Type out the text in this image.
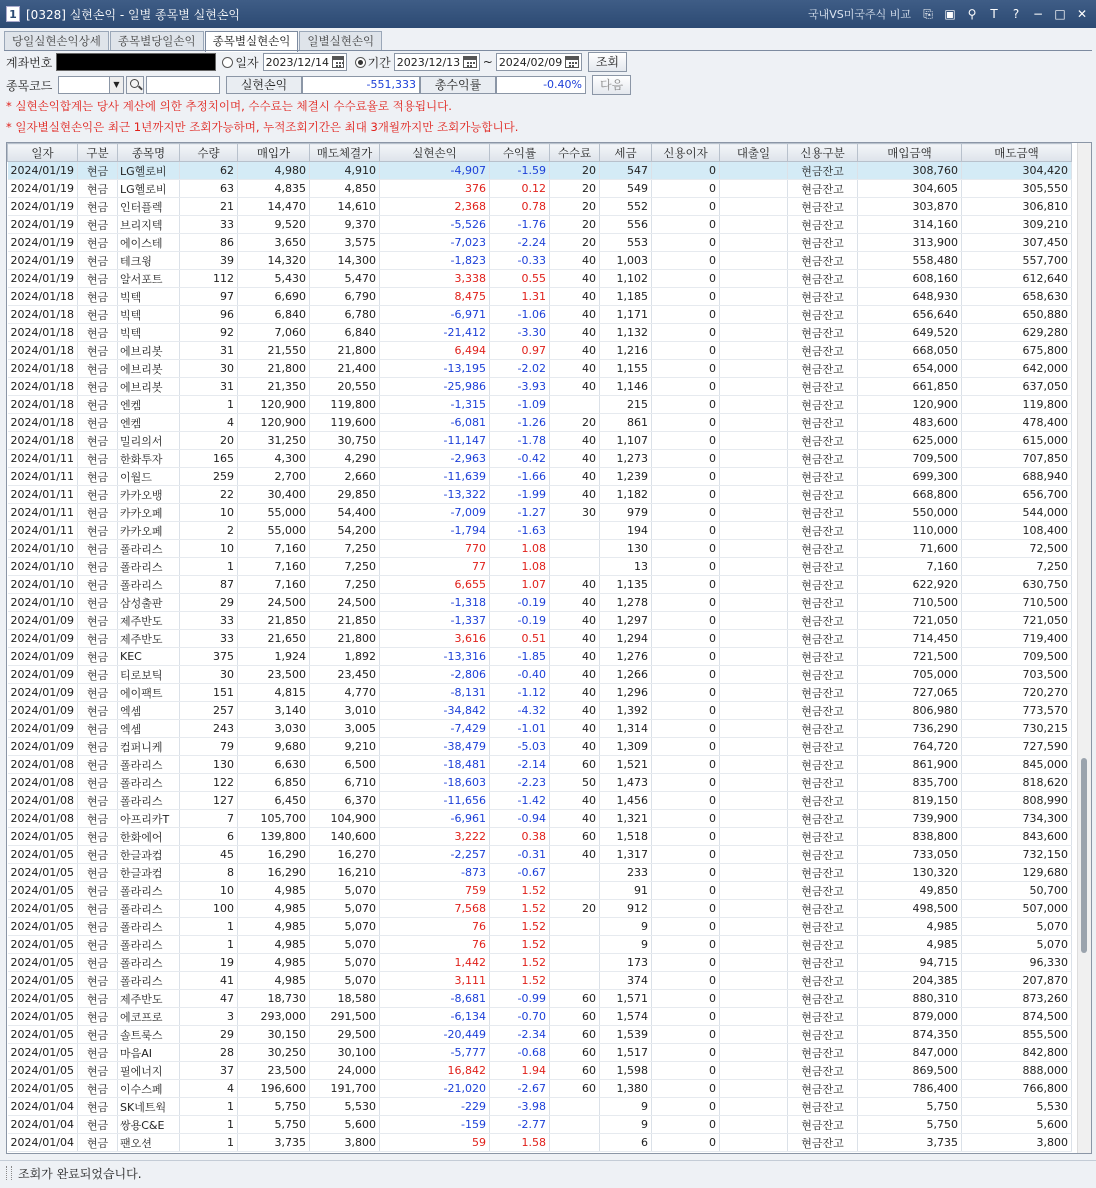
1 [0328] 실현손익 - 일별 종목별 실현손익	국내VS미국주식 비교 ⎘ ▣ ⚲	T	?	− □ ✕
당일실현손익상세	종목별당일손익	종목별실현손익	일별실현손익
계좌번호	일자 2023/12/14	기간 2023/12/13 ~ 2024/02/09	조회
종목코드	▼	실현손익	-551,333	총수익률	-0.40%	다음
* 실현손익합계는 당사 계산에 의한 추정치이며, 수수료는 체결시 수수료율로 적용됩니다.
* 일자별실현손익은 최근 1년까지만 조회가능하며, 누적조회기간은 최대 3개월까지만 조회가능합니다.
일자	구분	종목명	수량	매입가	매도체결가	실현손익	수익률	수수료	세금	신용이자	대출일	신용구분	매입금액	매도금액
2024/01/19	현금	LG헬로비	62	4,980	4,910	-4,907	-1.59	20	547	0		현금잔고	308,760	304,420
2024/01/19	현금	LG헬로비	63	4,835	4,850	376	0.12	20	549	0		현금잔고	304,605	305,550
2024/01/19	현금	인터플렉	21	14,470	14,610	2,368	0.78	20	552	0		현금잔고	303,870	306,810
2024/01/19	현금	브리지텍	33	9,520	9,370	-5,526	-1.76	20	556	0		현금잔고	314,160	309,210
2024/01/19	현금	에이스테	86	3,650	3,575	-7,023	-2.24	20	553	0		현금잔고	313,900	307,450
2024/01/19	현금	테크윙	39	14,320	14,300	-1,823	-0.33	40	1,003	0		현금잔고	558,480	557,700
2024/01/19	현금	알서포트	112	5,430	5,470	3,338	0.55	40	1,102	0		현금잔고	608,160	612,640
2024/01/18	현금	빅텍	97	6,690	6,790	8,475	1.31	40	1,185	0		현금잔고	648,930	658,630
2024/01/18	현금	빅텍	96	6,840	6,780	-6,971	-1.06	40	1,171	0		현금잔고	656,640	650,880
2024/01/18	현금	빅텍	92	7,060	6,840	-21,412	-3.30	40	1,132	0		현금잔고	649,520	629,280
2024/01/18	현금	에브리봇	31	21,550	21,800	6,494	0.97	40	1,216	0		현금잔고	668,050	675,800
2024/01/18	현금	에브리봇	30	21,800	21,400	-13,195	-2.02	40	1,155	0		현금잔고	654,000	642,000
2024/01/18	현금	에브리봇	31	21,350	20,550	-25,986	-3.93	40	1,146	0		현금잔고	661,850	637,050
2024/01/18	현금	엔켐	1	120,900	119,800	-1,315	-1.09		215	0		현금잔고	120,900	119,800
2024/01/18	현금	엔켐	4	120,900	119,600	-6,081	-1.26	20	861	0		현금잔고	483,600	478,400
2024/01/18	현금	밀리의서	20	31,250	30,750	-11,147	-1.78	40	1,107	0		현금잔고	625,000	615,000
2024/01/11	현금	한화투자	165	4,300	4,290	-2,963	-0.42	40	1,273	0		현금잔고	709,500	707,850
2024/01/11	현금	이월드	259	2,700	2,660	-11,639	-1.66	40	1,239	0		현금잔고	699,300	688,940
2024/01/11	현금	카카오뱅	22	30,400	29,850	-13,322	-1.99	40	1,182	0		현금잔고	668,800	656,700
2024/01/11	현금	카카오페	10	55,000	54,400	-7,009	-1.27	30	979	0		현금잔고	550,000	544,000
2024/01/11	현금	카카오페	2	55,000	54,200	-1,794	-1.63		194	0		현금잔고	110,000	108,400
2024/01/10	현금	폴라리스	10	7,160	7,250	770	1.08		130	0		현금잔고	71,600	72,500
2024/01/10	현금	폴라리스	1	7,160	7,250	77	1.08		13	0		현금잔고	7,160	7,250
2024/01/10	현금	폴라리스	87	7,160	7,250	6,655	1.07	40	1,135	0		현금잔고	622,920	630,750
2024/01/10	현금	삼성출판	29	24,500	24,500	-1,318	-0.19	40	1,278	0		현금잔고	710,500	710,500
2024/01/09	현금	제주반도	33	21,850	21,850	-1,337	-0.19	40	1,297	0		현금잔고	721,050	721,050
2024/01/09	현금	제주반도	33	21,650	21,800	3,616	0.51	40	1,294	0		현금잔고	714,450	719,400
2024/01/09	현금	KEC	375	1,924	1,892	-13,316	-1.85	40	1,276	0		현금잔고	721,500	709,500
2024/01/09	현금	티로보틱	30	23,500	23,450	-2,806	-0.40	40	1,266	0		현금잔고	705,000	703,500
2024/01/09	현금	에이팩트	151	4,815	4,770	-8,131	-1.12	40	1,296	0		현금잔고	727,065	720,270
2024/01/09	현금	엑셈	257	3,140	3,010	-34,842	-4.32	40	1,392	0		현금잔고	806,980	773,570
2024/01/09	현금	엑셈	243	3,030	3,005	-7,429	-1.01	40	1,314	0		현금잔고	736,290	730,215
2024/01/09	현금	컴퍼니케	79	9,680	9,210	-38,479	-5.03	40	1,309	0		현금잔고	764,720	727,590
2024/01/08	현금	폴라리스	130	6,630	6,500	-18,481	-2.14	60	1,521	0		현금잔고	861,900	845,000
2024/01/08	현금	폴라리스	122	6,850	6,710	-18,603	-2.23	50	1,473	0		현금잔고	835,700	818,620
2024/01/08	현금	폴라리스	127	6,450	6,370	-11,656	-1.42	40	1,456	0		현금잔고	819,150	808,990
2024/01/08	현금	아프리카T	7	105,700	104,900	-6,961	-0.94	40	1,321	0		현금잔고	739,900	734,300
2024/01/05	현금	한화에어	6	139,800	140,600	3,222	0.38	60	1,518	0		현금잔고	838,800	843,600
2024/01/05	현금	한글과컴	45	16,290	16,270	-2,257	-0.31	40	1,317	0		현금잔고	733,050	732,150
2024/01/05	현금	한글과컴	8	16,290	16,210	-873	-0.67		233	0		현금잔고	130,320	129,680
2024/01/05	현금	폴라리스	10	4,985	5,070	759	1.52		91	0		현금잔고	49,850	50,700
2024/01/05	현금	폴라리스	100	4,985	5,070	7,568	1.52	20	912	0		현금잔고	498,500	507,000
2024/01/05	현금	폴라리스	1	4,985	5,070	76	1.52		9	0		현금잔고	4,985	5,070
2024/01/05	현금	폴라리스	1	4,985	5,070	76	1.52		9	0		현금잔고	4,985	5,070
2024/01/05	현금	폴라리스	19	4,985	5,070	1,442	1.52		173	0		현금잔고	94,715	96,330
2024/01/05	현금	폴라리스	41	4,985	5,070	3,111	1.52		374	0		현금잔고	204,385	207,870
2024/01/05	현금	제주반도	47	18,730	18,580	-8,681	-0.99	60	1,571	0		현금잔고	880,310	873,260
2024/01/05	현금	에코프로	3	293,000	291,500	-6,134	-0.70	60	1,574	0		현금잔고	879,000	874,500
2024/01/05	현금	솔트룩스	29	30,150	29,500	-20,449	-2.34	60	1,539	0		현금잔고	874,350	855,500
2024/01/05	현금	마음AI	28	30,250	30,100	-5,777	-0.68	60	1,517	0		현금잔고	847,000	842,800
2024/01/05	현금	필에너지	37	23,500	24,000	16,842	1.94	60	1,598	0		현금잔고	869,500	888,000
2024/01/05	현금	이수스페	4	196,600	191,700	-21,020	-2.67	60	1,380	0		현금잔고	786,400	766,800
2024/01/04	현금	SK네트웍	1	5,750	5,530	-229	-3.98		9	0		현금잔고	5,750	5,530
2024/01/04	현금	쌍용C&E	1	5,750	5,600	-159	-2.77		9	0		현금잔고	5,750	5,600
2024/01/04	현금	팬오션	1	3,735	3,800	59	1.58		6	0		현금잔고	3,735	3,800
조회가 완료되었습니다.
